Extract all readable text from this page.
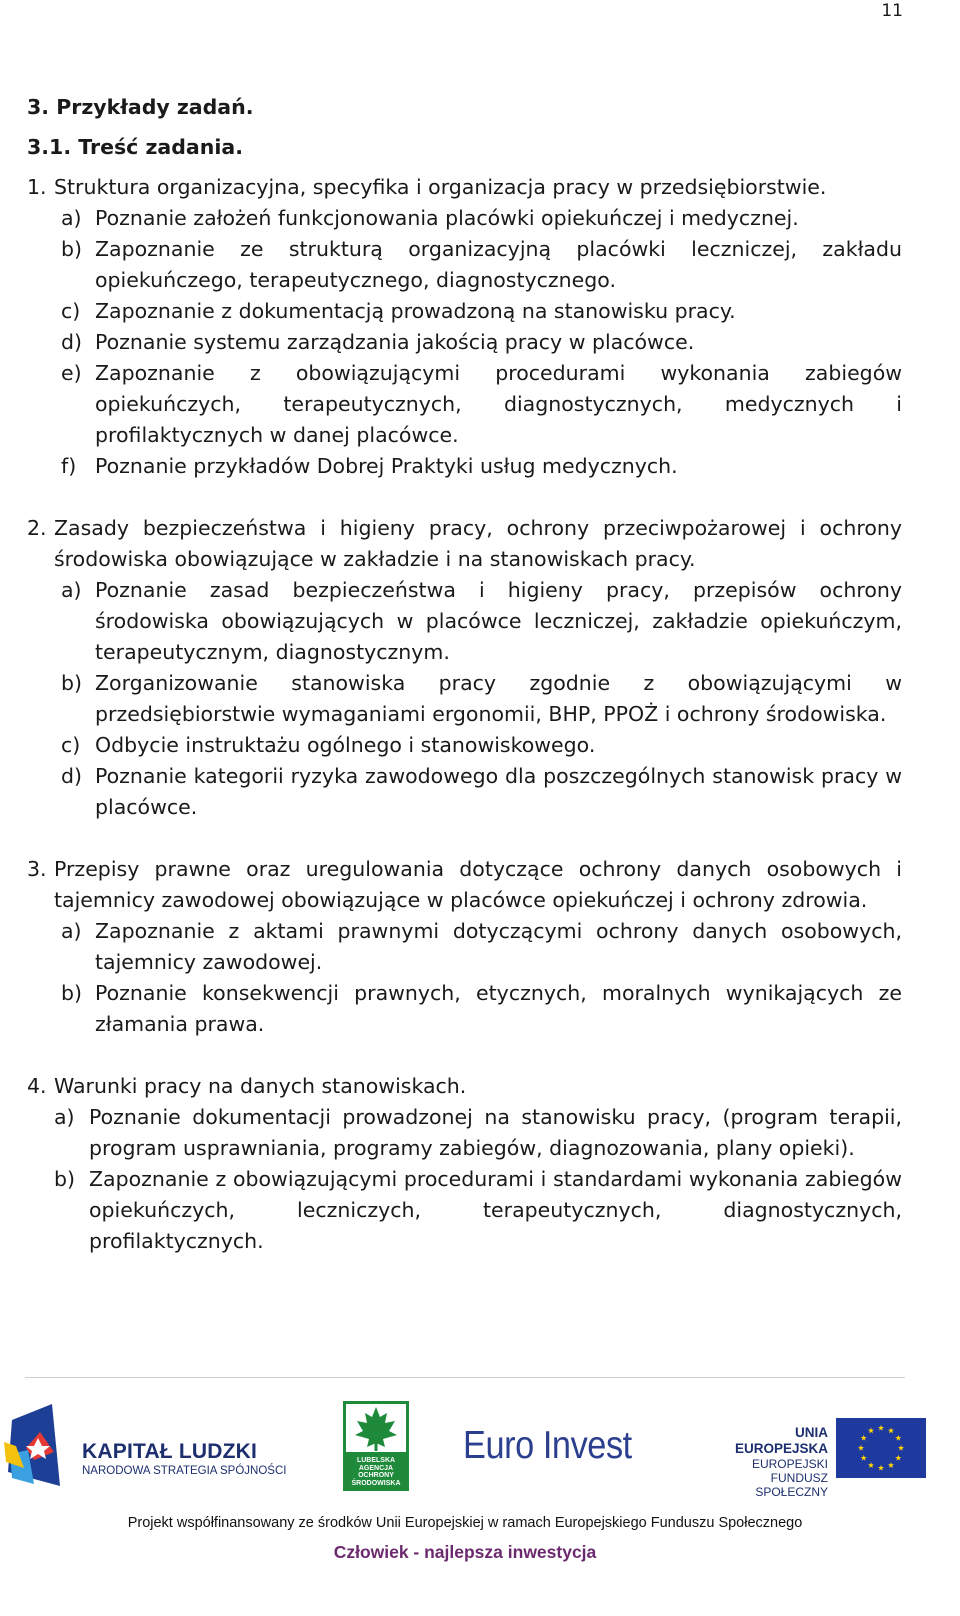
11

3. Przykłady zadań.

3.1. Treść zadania.

1. Struktura organizacyjna, specyfika i organizacja pracy w przedsiębiorstwie.
a) Poznanie założeń funkcjonowania placówki opiekuńczej i medycznej.
b) Zapoznanie ze strukturą organizacyjną placówki leczniczej, zakładu opiekuńczego, terapeutycznego, diagnostycznego.
c) Zapoznanie z dokumentacją prowadzoną na stanowisku pracy.
d) Poznanie systemu zarządzania jakością pracy w placówce.
e) Zapoznanie z obowiązującymi procedurami wykonania zabiegów opiekuńczych, terapeutycznych, diagnostycznych, medycznych i profilaktycznych w danej placówce.
f) Poznanie przykładów Dobrej Praktyki usług medycznych.
2. Zasady bezpieczeństwa i higieny pracy, ochrony przeciwpożarowej i ochrony środowiska obowiązujące w zakładzie i na stanowiskach pracy.
a) Poznanie zasad bezpieczeństwa i higieny pracy, przepisów ochrony środowiska obowiązujących w placówce leczniczej, zakładzie opiekuńczym, terapeutycznym, diagnostycznym.
b) Zorganizowanie stanowiska pracy zgodnie z obowiązującymi w przedsiębiorstwie wymaganiami ergonomii, BHP, PPOŻ i ochrony środowiska.
c) Odbycie instruktażu ogólnego i stanowiskowego.
d) Poznanie kategorii ryzyka zawodowego dla poszczególnych stanowisk pracy w placówce.
3. Przepisy prawne oraz uregulowania dotyczące ochrony danych osobowych i tajemnicy zawodowej obowiązujące w placówce opiekuńczej i ochrony zdrowia.
a) Zapoznanie z aktami prawnymi dotyczącymi ochrony danych osobowych, tajemnicy zawodowej.
b) Poznanie konsekwencji prawnych, etycznych, moralnych wynikających ze złamania prawa.
4. Warunki pracy na danych stanowiskach.
a) Poznanie dokumentacji prowadzonej na stanowisku pracy, (program terapii, program usprawniania, programy zabiegów, diagnozowania, plany opieki).
b) Zapoznanie z obowiązującymi procedurami i standardami wykonania zabiegów opiekuńczych, leczniczych, terapeutycznych, diagnostycznych, profilaktycznych.
KAPITAŁ LUDZKI
NARODOWA STRATEGIA SPÓJNOŚCI
LUBELSKA
AGENCJA
OCHRONY
ŚRODOWISKA
Euro Invest	UNIA EUROPEJSKA
EUROPEJSKI
FUNDUSZ SPOŁECZNY
Projekt współfinansowany ze środków Unii Europejskiej w ramach Europejskiego Funduszu Społecznego
Człowiek - najlepsza inwestycja
